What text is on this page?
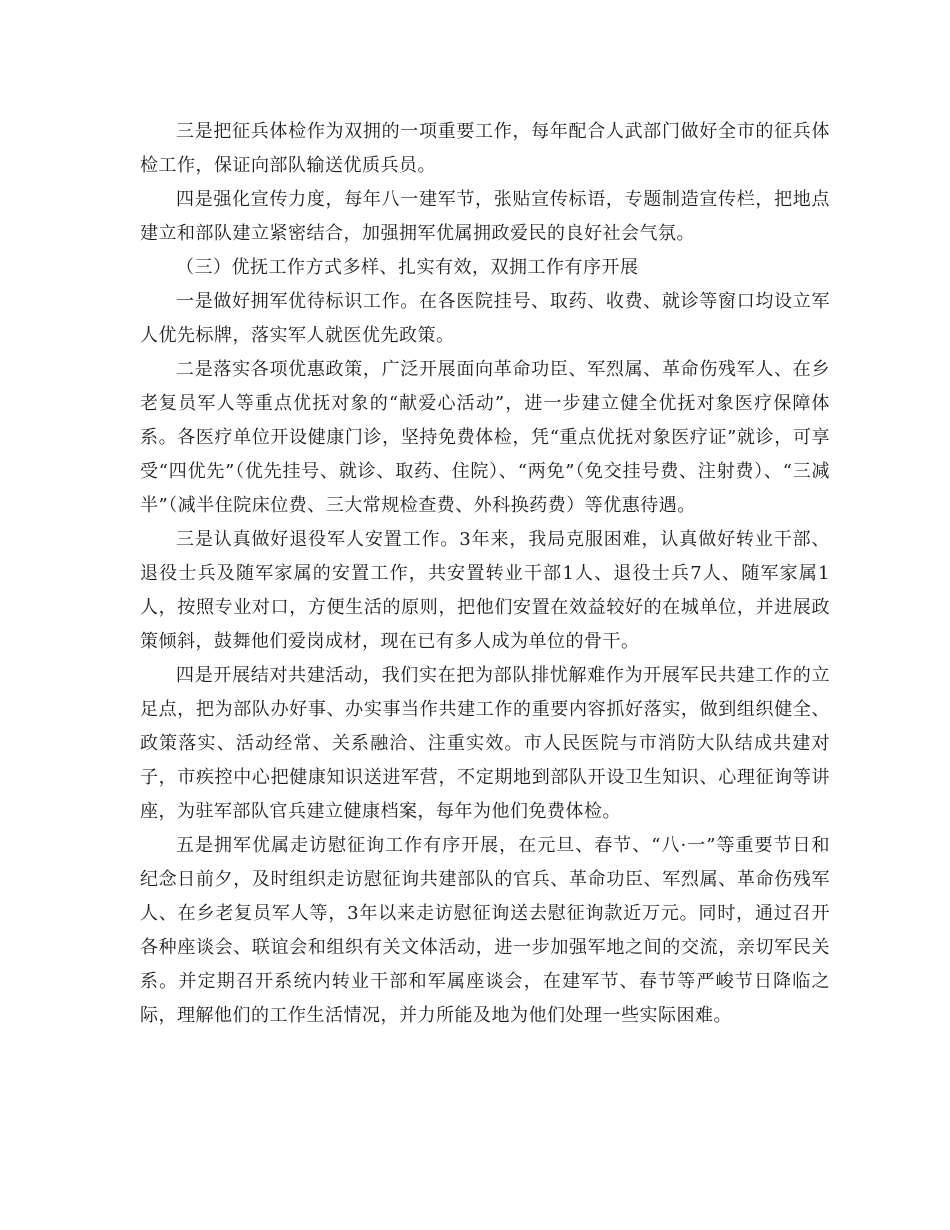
三是把征兵体检作为双拥的一项重要工作，每年配合人武部门做好全市的征兵体检工作，保证向部队输送优质兵员。

四是强化宣传力度，每年八一建军节，张贴宣传标语，专题制造宣传栏，把地点建立和部队建立紧密结合，加强拥军优属拥政爱民的良好社会气氛。

（三）优抚工作方式多样、扎实有效，双拥工作有序开展

一是做好拥军优待标识工作。在各医院挂号、取药、收费、就诊等窗口均设立军人优先标牌，落实军人就医优先政策。

二是落实各项优惠政策，广泛开展面向革命功臣、军烈属、革命伤残军人、在乡老复员军人等重点优抚对象的“献爱心活动”，进一步建立健全优抚对象医疗保障体系。各医疗单位开设健康门诊，坚持免费体检，凭“重点优抚对象医疗证”就诊，可享受“四优先”（优先挂号、就诊、取药、住院）、“两免”（免交挂号费、注射费）、“三减半”（减半住院床位费、三大常规检查费、外科换药费）等优惠待遇。

三是认真做好退役军人安置工作。3年来，我局克服困难，认真做好转业干部、退役士兵及随军家属的安置工作，共安置转业干部1人、退役士兵7人、随军家属1人，按照专业对口，方便生活的原则，把他们安置在效益较好的在城单位，并进展政策倾斜，鼓舞他们爱岗成材，现在已有多人成为单位的骨干。

四是开展结对共建活动，我们实在把为部队排忧解难作为开展军民共建工作的立足点，把为部队办好事、办实事当作共建工作的重要内容抓好落实，做到组织健全、政策落实、活动经常、关系融洽、注重实效。市人民医院与市消防大队结成共建对子，市疾控中心把健康知识送进军营，不定期地到部队开设卫生知识、心理征询等讲座，为驻军部队官兵建立健康档案，每年为他们免费体检。

五是拥军优属走访慰征询工作有序开展，在元旦、春节、“八·一”等重要节日和纪念日前夕，及时组织走访慰征询共建部队的官兵、革命功臣、军烈属、革命伤残军人、在乡老复员军人等，3年以来走访慰征询送去慰征询款近万元。同时，通过召开各种座谈会、联谊会和组织有关文体活动，进一步加强军地之间的交流，亲切军民关系。并定期召开系统内转业干部和军属座谈会，在建军节、春节等严峻节日降临之际，理解他们的工作生活情况，并力所能及地为他们处理一些实际困难。
